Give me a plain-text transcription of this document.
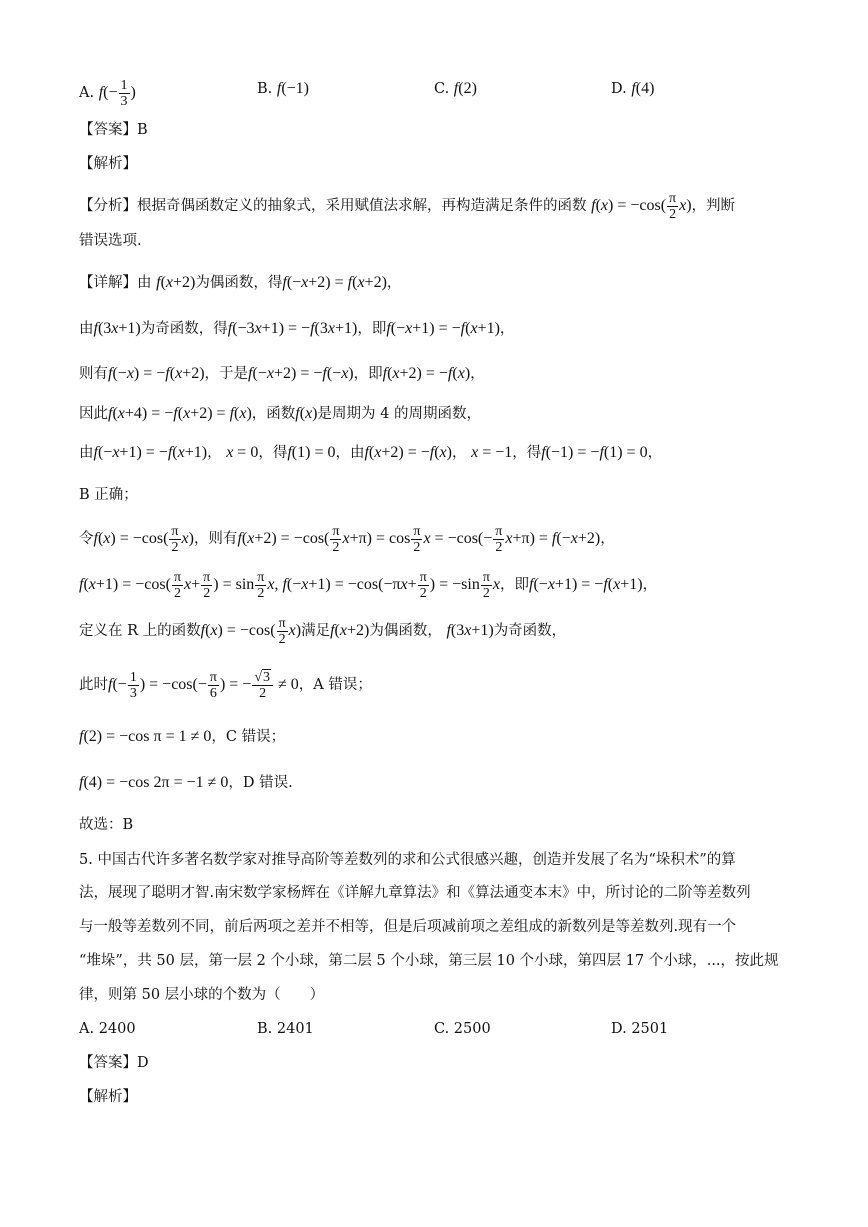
A. $f(- \frac{1}{3}$ )	B. f(−1)	C. f(2)	D. f(4)
【答案】B
【解析】
【分析】根据奇偶函数定义的抽象式，采用赋值法求解，再构造满足条件的函数 $f(x) = -\cos( \frac{\pi}{2} x)$，判断
错误选项.
【详解】由 f(x+2)为偶函数，得f(−x+2) = f(x+2)，
由f(3x+1)为奇函数，得f(−3x+1) = −f(3x+1)，即f(−x+1) = −f(x+1)，
则有f(−x) = −f(x+2)，于是f(−x+2) = −f(−x)，即f(x+2) = −f(x)，
因此f(x+4) = −f(x+2) = f(x)，函数f(x)是周期为 4 的周期函数，
由f(−x+1) = −f(x+1)， x = 0，得f(1) = 0，由f(x+2) = −f(x)， x = −1，得f(−1) = −f(1) = 0，
B 正确；
令$f(x) = -\cos( \frac{\pi}{2} x)$，则有$f(x+2) = -\cos( \frac{\pi}{2} x+\pi) = \cos \frac{\pi}{2}$ $x = -\cos(- \frac{\pi}{2} x+\pi) = f(-x+2)$，
$f(x+1) = -\cos( \frac{\pi}{2} x+ \frac{\pi}{2}$ ) = $\sin \frac{\pi}{2} x$, $f(-x+1) = -\cos(-\pi x+ \frac{\pi}{2}$ ) = $-\sin \frac{\pi}{2}$ x，即f(−x+1) = −f(x+1)，
定义在 R 上的函数$f(x) = -\cos( \frac{\pi}{2} x)$满足f(x+2)为偶函数， f(3x+1)为奇函数，
此时$f(- \frac{1}{3}$ ) = $-\cos(- \frac{\pi}{6}$ ) = − $\frac{√3}{2} \ne 0$，A 错误；
f(2) = −cos π = 1 ≠ 0，C 错误；
f(4) = −cos 2π = −1 ≠ 0，D 错误.
故选：B
5. 中国古代许多著名数学家对推导高阶等差数列的求和公式很感兴趣，创造并发展了名为“垛积术”的算
法，展现了聪明才智.南宋数学家杨辉在《详解九章算法》和《算法通变本末》中，所讨论的二阶等差数列
与一般等差数列不同，前后两项之差并不相等，但是后项减前项之差组成的新数列是等差数列.现有一个
“堆垛”，共 50 层，第一层 2 个小球，第二层 5 个小球，第三层 10 个小球，第四层 17 个小球，...，按此规
律，则第 50 层小球的个数为（　　）
A. 2400	B. 2401	C. 2500	D. 2501
【答案】D
【解析】
